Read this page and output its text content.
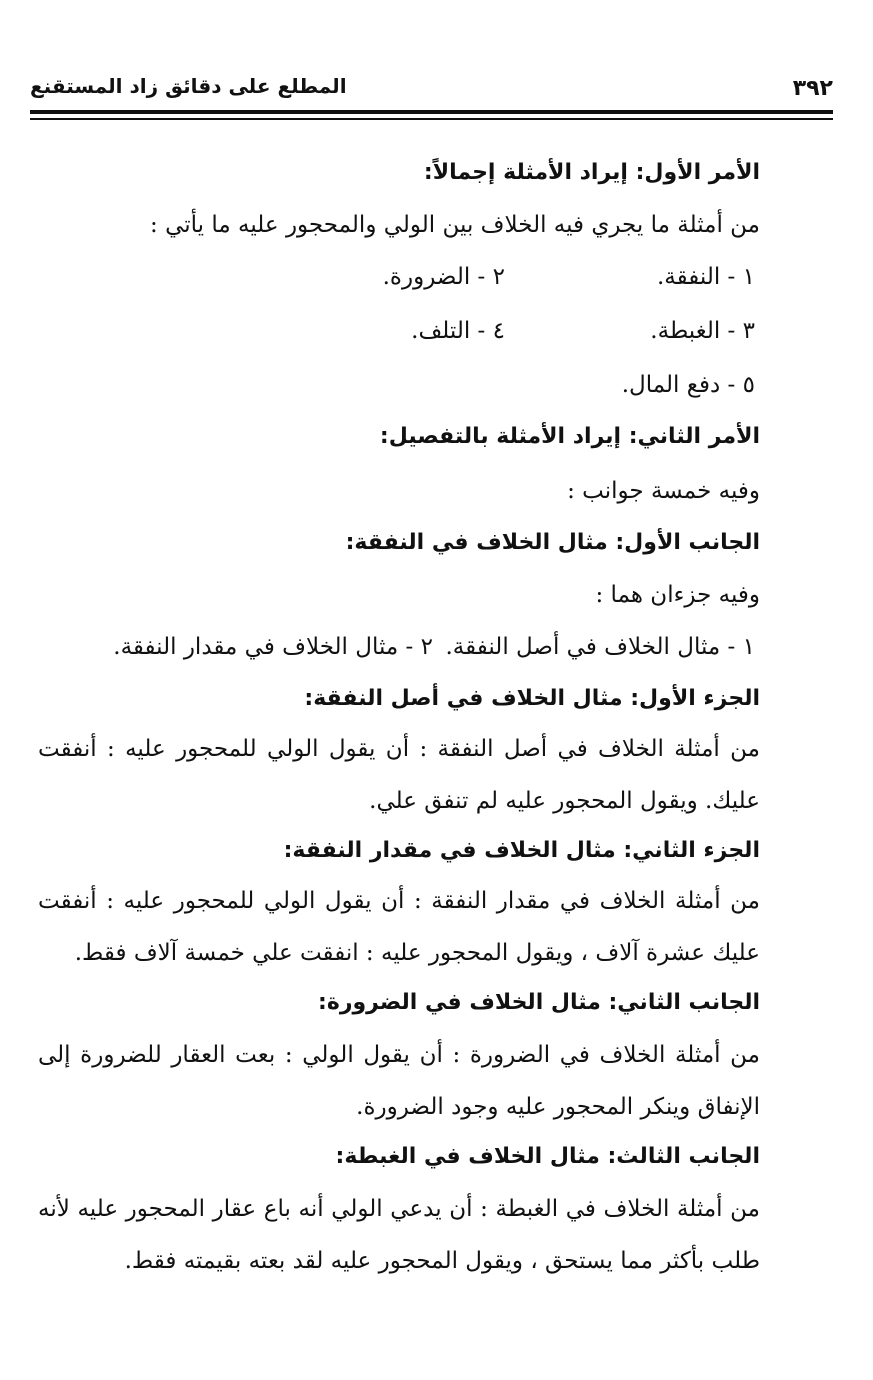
٣٩٢
المطلع على دقائق زاد المستقنع
الأمر الأول: إيراد الأمثلة إجمالاً:
من أمثلة ما يجري فيه الخلاف بين الولي والمحجور عليه ما يأتي :
١ - النفقة.
٢ - الضرورة.
٣ - الغبطة.
٤ - التلف.
٥ - دفع المال.
الأمر الثاني: إيراد الأمثلة بالتفصيل:
وفيه خمسة جوانب :
الجانب الأول: مثال الخلاف في النفقة:
وفيه جزءان هما :
١ - مثال الخلاف في أصل النفقة.
٢ - مثال الخلاف في مقدار النفقة.
الجزء الأول: مثال الخلاف في أصل النفقة:
من أمثلة الخلاف في أصل النفقة : أن يقول الولي للمحجور عليه : أنفقت
عليك. ويقول المحجور عليه لم تنفق علي.
الجزء الثاني: مثال الخلاف في مقدار النفقة:
من أمثلة الخلاف في مقدار النفقة : أن يقول الولي للمحجور عليه : أنفقت
عليك عشرة آلاف ، ويقول المحجور عليه : انفقت علي خمسة آلاف فقط.
الجانب الثاني: مثال الخلاف في الضرورة:
من أمثلة الخلاف في الضرورة : أن يقول الولي : بعت العقار للضرورة إلى
الإنفاق وينكر المحجور عليه وجود الضرورة.
الجانب الثالث: مثال الخلاف في الغبطة:
من أمثلة الخلاف في الغبطة : أن يدعي الولي أنه باع عقار المحجور عليه لأنه
طلب بأكثر مما يستحق ، ويقول المحجور عليه لقد بعته بقيمته فقط.
